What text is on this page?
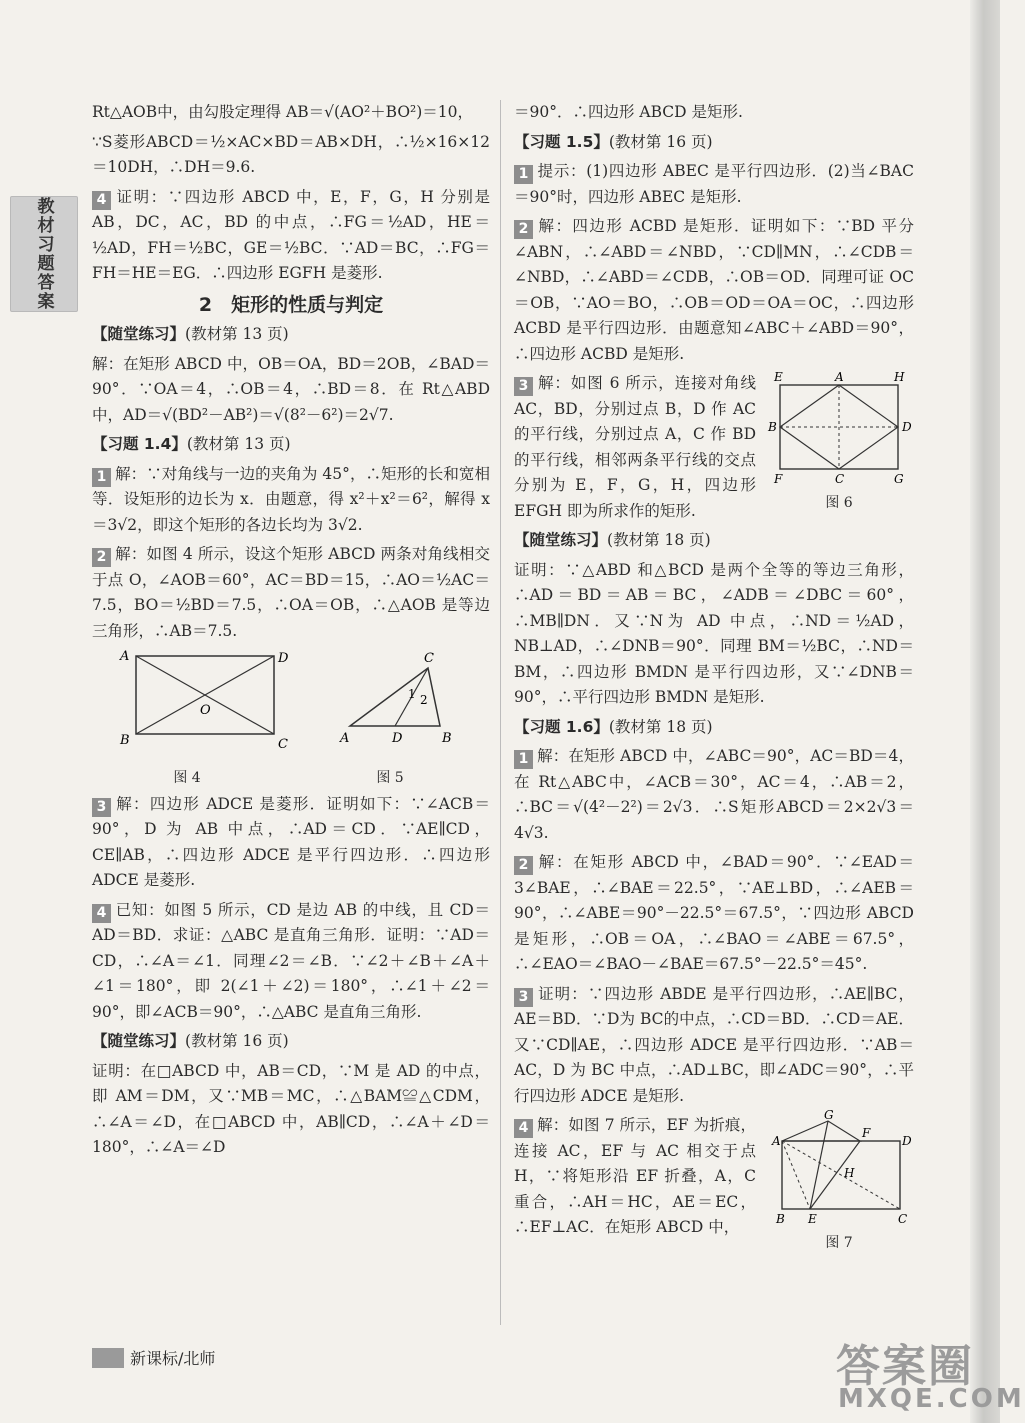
教材习题答案

Rt△AOB中，由勾股定理得 AB＝√(AO²＋BO²)＝10，

∵S菱形ABCD＝½×AC×BD＝AB×DH，∴½×16×12＝10DH，∴DH＝9.6.

4 证明：∵四边形 ABCD 中，E，F，G，H 分别是 AB，DC，AC，BD 的中点，∴FG＝½AD，HE＝½AD，FH＝½BC，GE＝½BC．∵AD＝BC，∴FG＝FH＝HE＝EG．∴四边形 EGFH 是菱形.

2　矩形的性质与判定

【随堂练习】(教材第 13 页)

解：在矩形 ABCD 中，OB＝OA，BD＝2OB，∠BAD＝90°．∵OA＝4，∴OB＝4，∴BD＝8．在 Rt△ABD 中，AD＝√(BD²－AB²)＝√(8²－6²)＝2√7.

【习题 1.4】(教材第 13 页)

1 解：∵对角线与一边的夹角为 45°，∴矩形的长和宽相等．设矩形的边长为 x．由题意，得 x²＋x²＝6²，解得 x＝3√2，即这个矩形的各边长均为 3√2.

2 解：如图 4 所示，设这个矩形 ABCD 两条对角线相交于点 O，∠AOB＝60°，AC＝BD＝15，∴AO＝½AC＝7.5，BO＝½BD＝7.5，∴OA＝OB，∴△AOB 是等边三角形，∴AB＝7.5.

A	D
B	C
O
图 4
A	B
C
D
1 2
图 5

3 解：四边形 ADCE 是菱形．证明如下：∵∠ACB＝90°，D 为 AB 中点，∴AD＝CD．∵AE∥CD，CE∥AB，∴四边形 ADCE 是平行四边形．∴四边形 ADCE 是菱形.

4 已知：如图 5 所示，CD 是边 AB 的中线，且 CD＝AD＝BD．求证：△ABC 是直角三角形．证明：∵AD＝CD，∴∠A＝∠1．同理∠2＝∠B．∵∠2＋∠B＋∠A＋∠1＝180°，即 2(∠1＋∠2)＝180°，∴∠1＋∠2＝90°，即∠ACB＝90°，∴△ABC 是直角三角形.

【随堂练习】(教材第 16 页)

证明：在□ABCD 中，AB＝CD，∵M 是 AD 的中点，即 AM＝DM，又∵MB＝MC，∴△BAM≌△CDM，∴∠A＝∠D，在□ABCD 中，AB∥CD，∴∠A＋∠D＝180°，∴∠A＝∠D

＝90°．∴四边形 ABCD 是矩形.

【习题 1.5】(教材第 16 页)

1 提示：(1)四边形 ABEC 是平行四边形．(2)当∠BAC＝90°时，四边形 ABEC 是矩形.

2 解：四边形 ACBD 是矩形．证明如下：∵BD 平分∠ABN，∴∠ABD＝∠NBD，∵CD∥MN，∴∠CDB＝∠NBD，∴∠ABD＝∠CDB，∴OB＝OD．同理可证 OC＝OB，∵AO＝BO，∴OB＝OD＝OA＝OC，∴四边形 ACBD 是平行四边形．由题意知∠ABC＋∠ABD＝90°，∴四边形 ACBD 是矩形.

3 解：如图 6 所示，连接对角线 AC，BD，分别过点 B，D 作 AC 的平行线，分别过点 A，C 作 BD 的平行线，相邻两条平行线的交点分别为 E，F，G，H，四边形 EFGH 即为所求作的矩形.

E	A	H
B	D
F	C	G
图 6

【随堂练习】(教材第 18 页)

证明：∵△ABD 和△BCD 是两个全等的等边三角形，∴AD＝BD＝AB＝BC，∠ADB＝∠DBC＝60°，∴MB∥DN．又∵N为 AD 中点，∴ND＝½AD，NB⊥AD，∴∠DNB＝90°．同理 BM＝½BC，∴ND＝BM，∴四边形 BMDN 是平行四边形，又∵∠DNB＝90°，∴平行四边形 BMDN 是矩形.

【习题 1.6】(教材第 18 页)

1 解：在矩形 ABCD 中，∠ABC＝90°，AC＝BD＝4，在 Rt△ABC中，∠ACB＝30°，AC＝4，∴AB＝2，∴BC＝√(4²－2²)＝2√3．∴S矩形ABCD＝2×2√3＝4√3.

2 解：在矩形 ABCD 中，∠BAD＝90°．∵∠EAD＝3∠BAE，∴∠BAE＝22.5°，∵AE⊥BD，∴∠AEB＝90°，∴∠ABE＝90°－22.5°＝67.5°，∵四边形 ABCD 是矩形，∴OB＝OA，∴∠BAO＝∠ABE＝67.5°，∴∠EAO＝∠BAO－∠BAE＝67.5°－22.5°＝45°.

3 证明：∵四边形 ABDE 是平行四边形，∴AE∥BC，AE＝BD．∵D为 BC的中点，∴CD＝BD．∴CD＝AE．又∵CD∥AE，∴四边形 ADCE 是平行四边形．∵AB＝AC，D 为 BC 中点，∴AD⊥BC，即∠ADC＝90°，∴平行四边形 ADCE 是矩形.

4 解：如图 7 所示，EF 为折痕，连接 AC，EF 与 AC 相交于点 H，∵将矩形沿 EF 折叠，A，C 重合，∴AH＝HC，AE＝EC，∴EF⊥AC．在矩形 ABCD 中，

A
G
F
D
H
B E	C
图 7
新课标/北师	答案圈
MXQE.COM
